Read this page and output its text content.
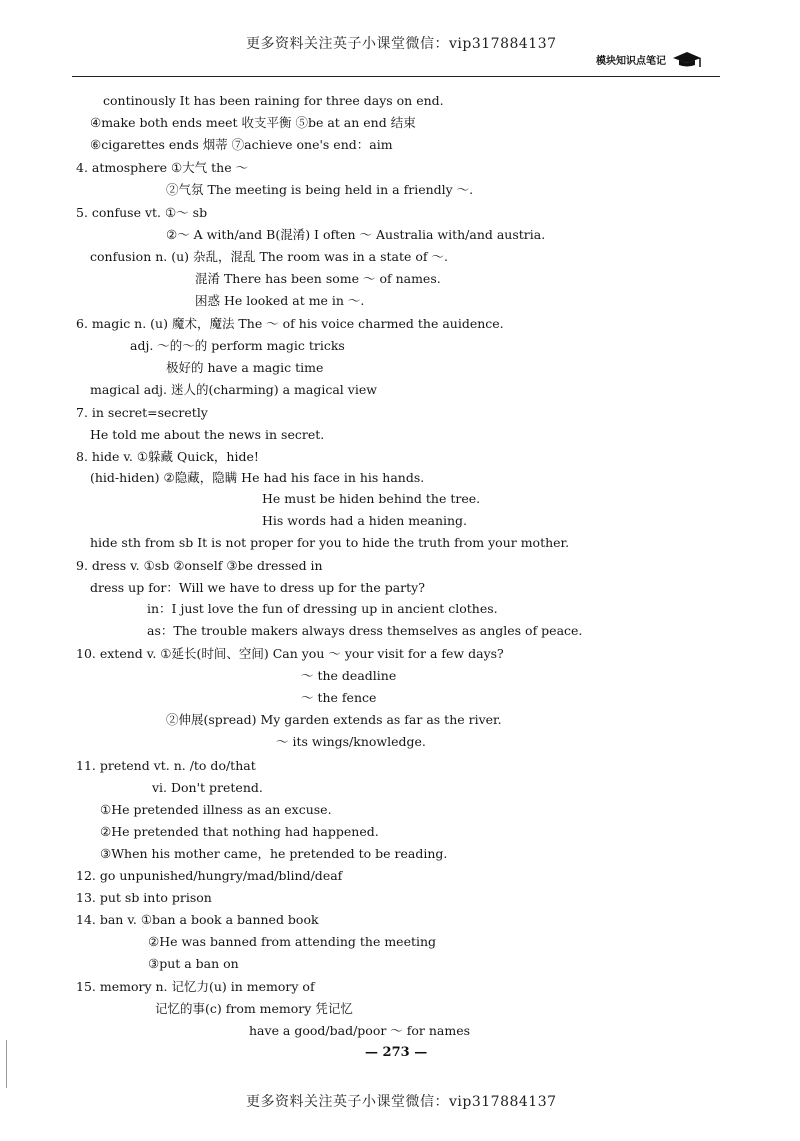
更多资料关注英子小课堂微信：vip317884137
模块知识点笔记
continously It has been raining for three days on end.
④make both ends meet 收支平衡 ⑤be at an end 结束
⑥cigarettes ends 烟蒂 ⑦achieve one's end：aim
4. atmosphere ①大气 the ～
②气氛 The meeting is being held in a friendly ～.
5. confuse vt. ①～ sb
②～ A with/and B(混淆) I often ～ Australia with/and austria.
confusion n. (u) 杂乱，混乱 The room was in a state of ～.
混淆 There has been some ～ of names.
困惑 He looked at me in ～.
6. magic n. (u) 魔术，魔法 The ～ of his voice charmed the auidence.
adj. ～的～的 perform magic tricks
极好的 have a magic time
magical adj. 迷人的(charming) a magical view
7. in secret=secretly
He told me about the news in secret.
8. hide v. ①躲藏 Quick，hide!
(hid-hiden) ②隐藏，隐瞒 He had his face in his hands.
He must be hiden behind the tree.
His words had a hiden meaning.
hide sth from sb It is not proper for you to hide the truth from your mother.
9. dress v. ①sb ②onself ③be dressed in
dress up for：Will we have to dress up for the party?
in：I just love the fun of dressing up in ancient clothes.
as：The trouble makers always dress themselves as angles of peace.
10. extend v. ①延长(时间、空间) Can you ～ your visit for a few days?
～ the deadline
～ the fence
②伸展(spread) My garden extends as far as the river.
～ its wings/knowledge.
11. pretend vt. n. /to do/that
vi. Don't pretend.
①He pretended illness as an excuse.
②He pretended that nothing had happened.
③When his mother came，he pretended to be reading.
12. go unpunished/hungry/mad/blind/deaf
13. put sb into prison
14. ban v. ①ban a book a banned book
②He was banned from attending the meeting
③put a ban on
15. memory n. 记忆力(u) in memory of
记忆的事(c) from memory 凭记忆
have a good/bad/poor ～ for names
— 273 —
更多资料关注英子小课堂微信：vip317884137
